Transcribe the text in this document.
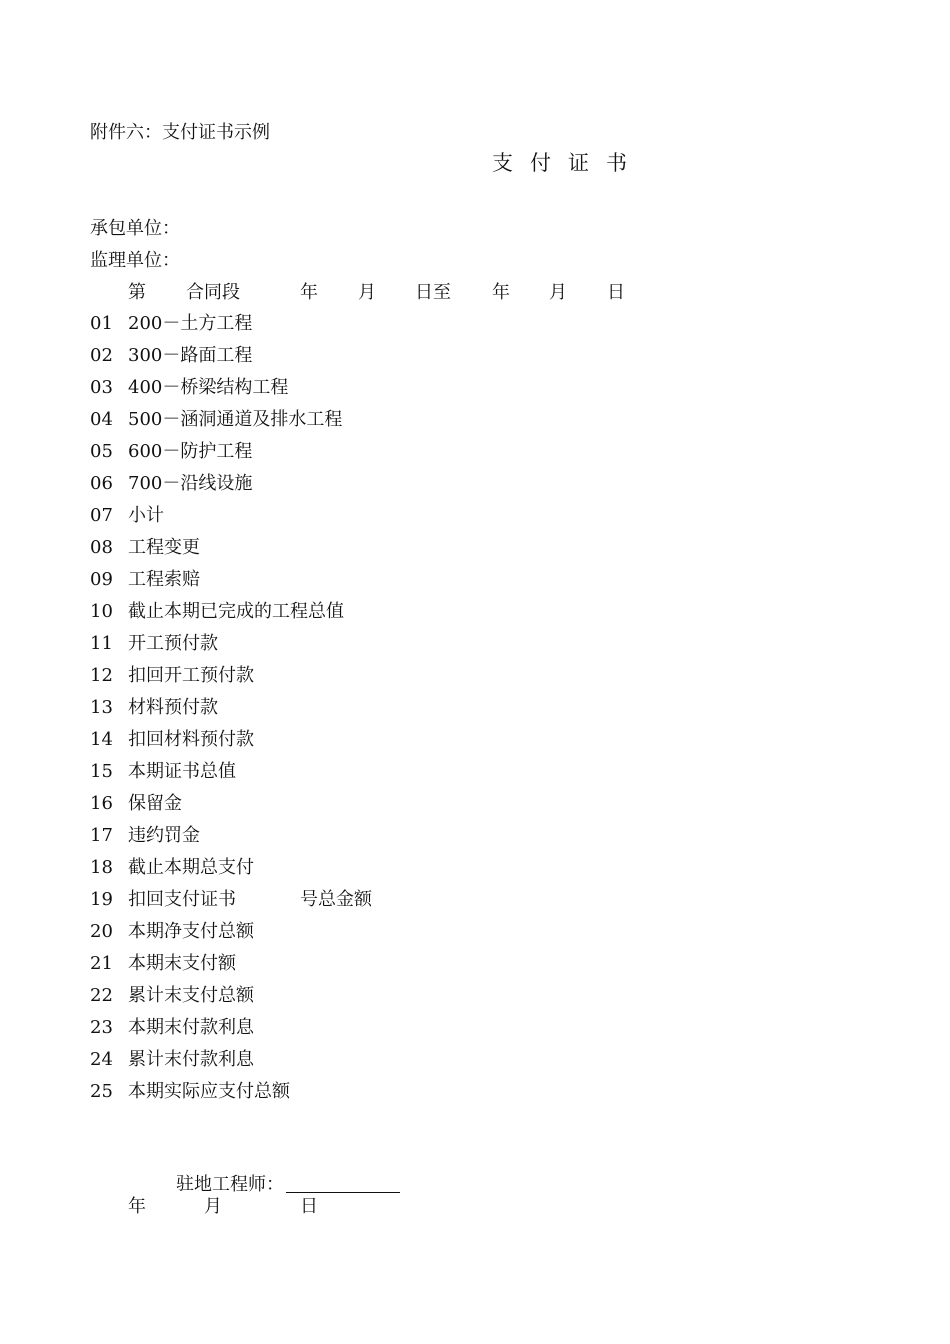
附件六：支付证书示例
支 付 证 书
承包单位：
监理单位：
第 合同段	年 月 日至 年 月 日
01 200－土方工程
02 300－路面工程
03 400－桥梁结构工程
04 500－涵洞通道及排水工程
05 600－防护工程
06 700－沿线设施
07 小计
08 工程变更
09 工程索赔
10 截止本期已完成的工程总值
11 开工预付款
12 扣回开工预付款
13 材料预付款
14 扣回材料预付款
15 本期证书总值
16 保留金
17 违约罚金
18 截止本期总支付
19 扣回支付证书	号总金额
20 本期净支付总额
21 本期末支付额
22 累计末支付总额
23 本期末付款利息
24 累计末付款利息
25 本期实际应支付总额
驻地工程师：
年	月	日
